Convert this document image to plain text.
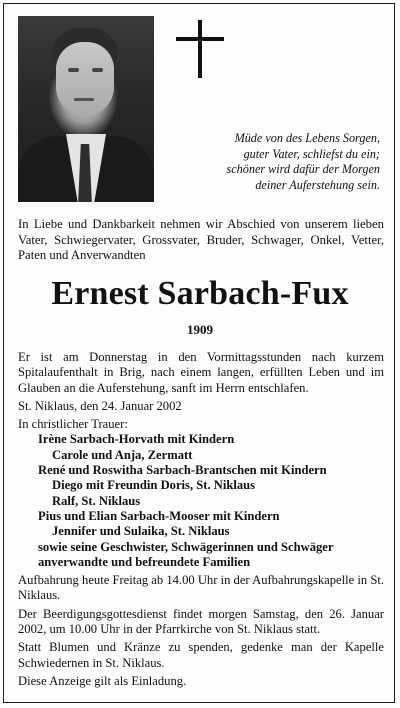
Müde von des Lebens Sorgen,
guter Vater, schliefst du ein;
schöner wird dafür der Morgen
deiner Auferstehung sein.
In Liebe und Dankbarkeit nehmen wir Abschied von unserem lieben Vater, Schwiegervater, Grossvater, Bruder, Schwager, Onkel, Vetter, Paten und Anverwandten
Ernest Sarbach-Fux
1909

Er ist am Donnerstag in den Vormittagsstunden nach kurzem Spitalaufenthalt in Brig, nach einem langen, erfüllten Leben und im Glauben an die Auferstehung, sanft im Herrn entschlafen.

St. Niklaus, den 24. Januar 2002
In christlicher Trauer:
Irène Sarbach-Horvath mit Kindern
Carole und Anja, Zermatt
René und Roswitha Sarbach-Brantschen mit Kindern
Diego mit Freundin Doris, St. Niklaus
Ralf, St. Niklaus
Pius und Elian Sarbach-Mooser mit Kindern
Jennifer und Sulaika, St. Niklaus
sowie seine Geschwister, Schwägerinnen und Schwäger
anverwandte und befreundete Familien

Aufbahrung heute Freitag ab 14.00 Uhr in der Aufbahrungskapelle in St. Niklaus.

Der Beerdigungsgottesdienst findet morgen Samstag, den 26. Januar 2002, um 10.00 Uhr in der Pfarrkirche von St. Niklaus statt.

Statt Blumen und Kränze zu spenden, gedenke man der Kapelle Schwiedernen in St. Niklaus.

Diese Anzeige gilt als Einladung.
